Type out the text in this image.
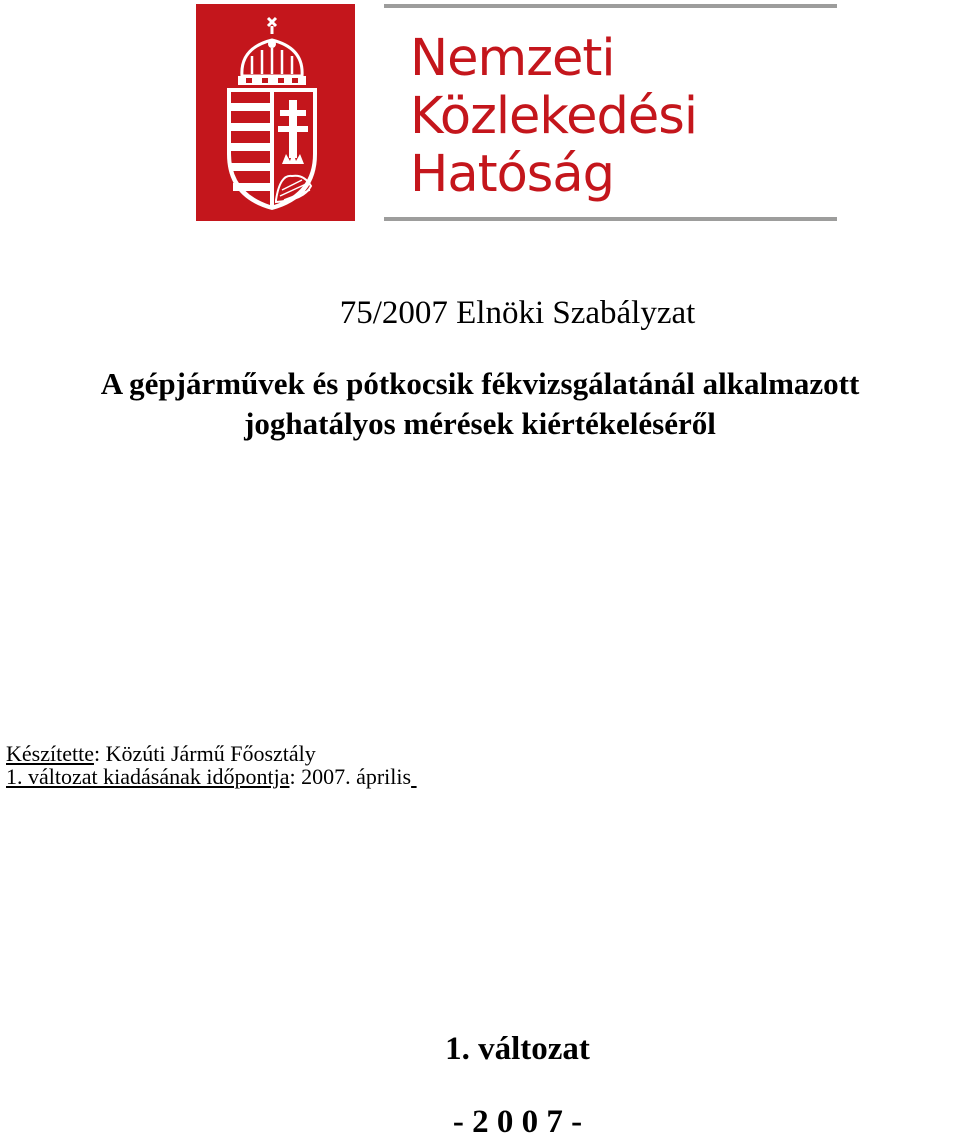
Nemzeti
Közlekedési
Hatóság
75/2007 Elnöki Szabályzat
A gépjárművek és pótkocsik fékvizsgálatánál alkalmazott
joghatályos mérések kiértékeléséről
Készítette: Közúti Jármű Főosztály
1. változat kiadásának időpontja: 2007. április
1. változat
- 2 0 0 7 -
